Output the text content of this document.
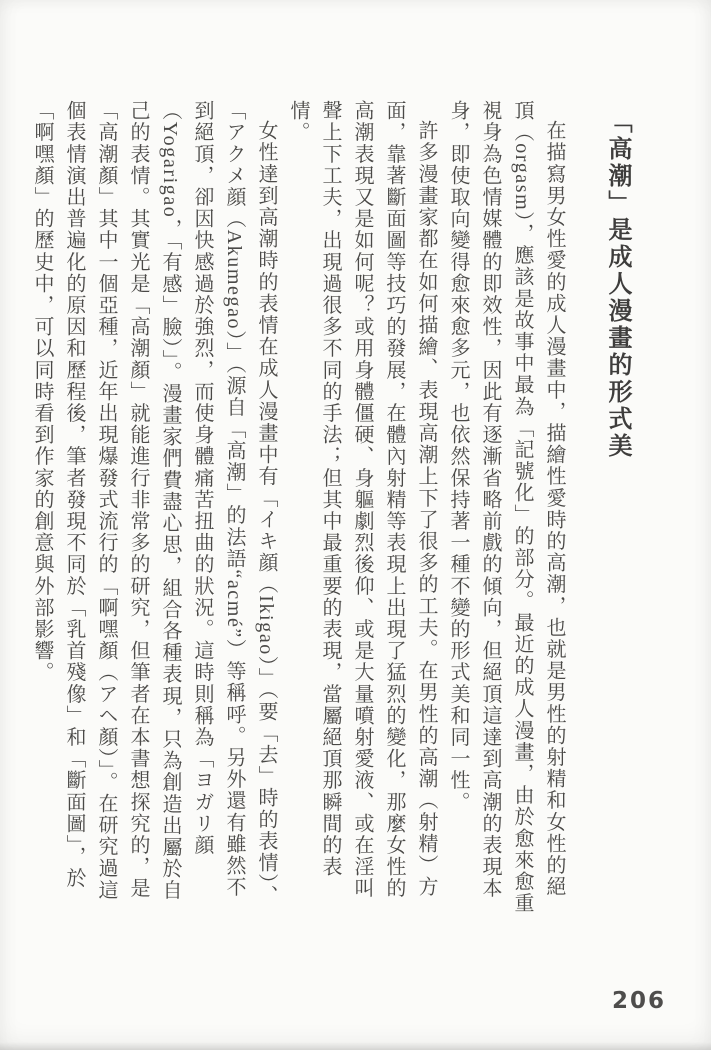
「高潮」是成人漫畫的形式美

在描寫男女性愛的成人漫畫中，描繪性愛時的高潮，也就是男性的射精和女性的絕頂（orgasm），應該是故事中最為「記號化」的部分。最近的成人漫畫，由於愈來愈重視身為色情媒體的即效性，因此有逐漸省略前戲的傾向，但絕頂這達到高潮的表現本身，即使取向變得愈來愈多元，也依然保持著一種不變的形式美和同一性。

許多漫畫家都在如何描繪、表現高潮上下了很多的工夫。在男性的高潮（射精）方面，靠著斷面圖等技巧的發展，在體內射精等表現上出現了猛烈的變化，那麼女性的高潮表現又是如何呢？或用身體僵硬、身軀劇烈後仰、或是大量噴射愛液、或在淫叫聲上下工夫，出現過很多不同的手法；但其中最重要的表現，當屬絕頂那瞬間的表情。

女性達到高潮時的表情在成人漫畫中有「イキ顔（Ikigao）」（要「去」時的表情）、「アクメ顔（Akumegao）」（源自「高潮」的法語“acmé”）等稱呼。另外還有雖然不到絕頂，卻因快感過於強烈，而使身體痛苦扭曲的狀況。這時則稱為「ヨガリ顔（Yogarigao，「有感」臉）」。漫畫家們費盡心思，組合各種表現，只為創造出屬於自己的表情。其實光是「高潮顏」就能進行非常多的研究，但筆者在本書想探究的，是「高潮顏」其中一個亞種，近年出現爆發式流行的「啊嘿顏（アヘ顏）」。在研究過這個表情演出普遍化的原因和歷程後，筆者發現不同於「乳首殘像」和「斷面圖」，於「啊嘿顏」的歷史中，可以同時看到作家的創意與外部影響。

206
